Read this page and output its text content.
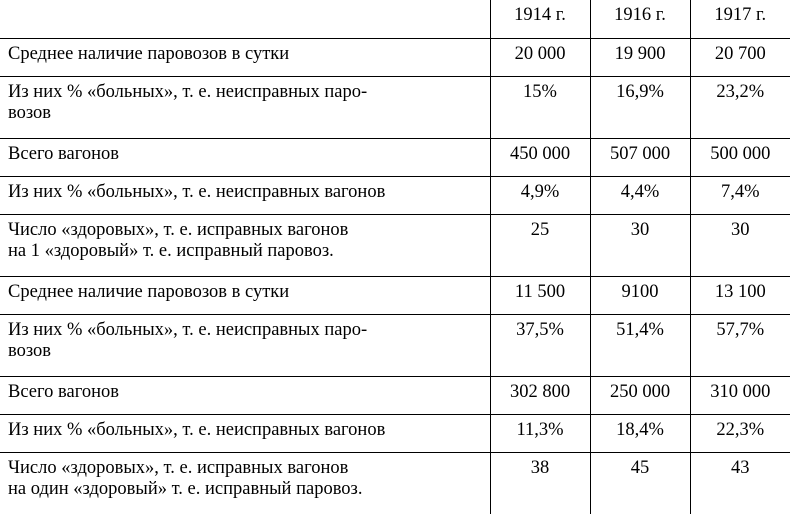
	1914 г.	1916 г.	1917 г.
Среднее наличие паровозов в сутки	20 000	19 900	20 700
Из них % «больных», т. е. неисправных паро-
возов	15%	16,9%	23,2%
Всего вагонов	450 000	507 000	500 000
Из них % «больных», т. е. неисправных вагонов	4,9%	4,4%	7,4%
Число «здоровых», т. е. исправных вагонов
на 1 «здоровый» т. е. исправный паровоз.	25	30	30
Среднее наличие паровозов в сутки	11 500	9100	13 100
Из них % «больных», т. е. неисправных паро-
возов	37,5%	51,4%	57,7%
Всего вагонов	302 800	250 000	310 000
Из них % «больных», т. е. неисправных вагонов	11,3%	18,4%	22,3%
Число «здоровых», т. е. исправных вагонов
на один «здоровый» т. е. исправный паровоз.	38	45	43
